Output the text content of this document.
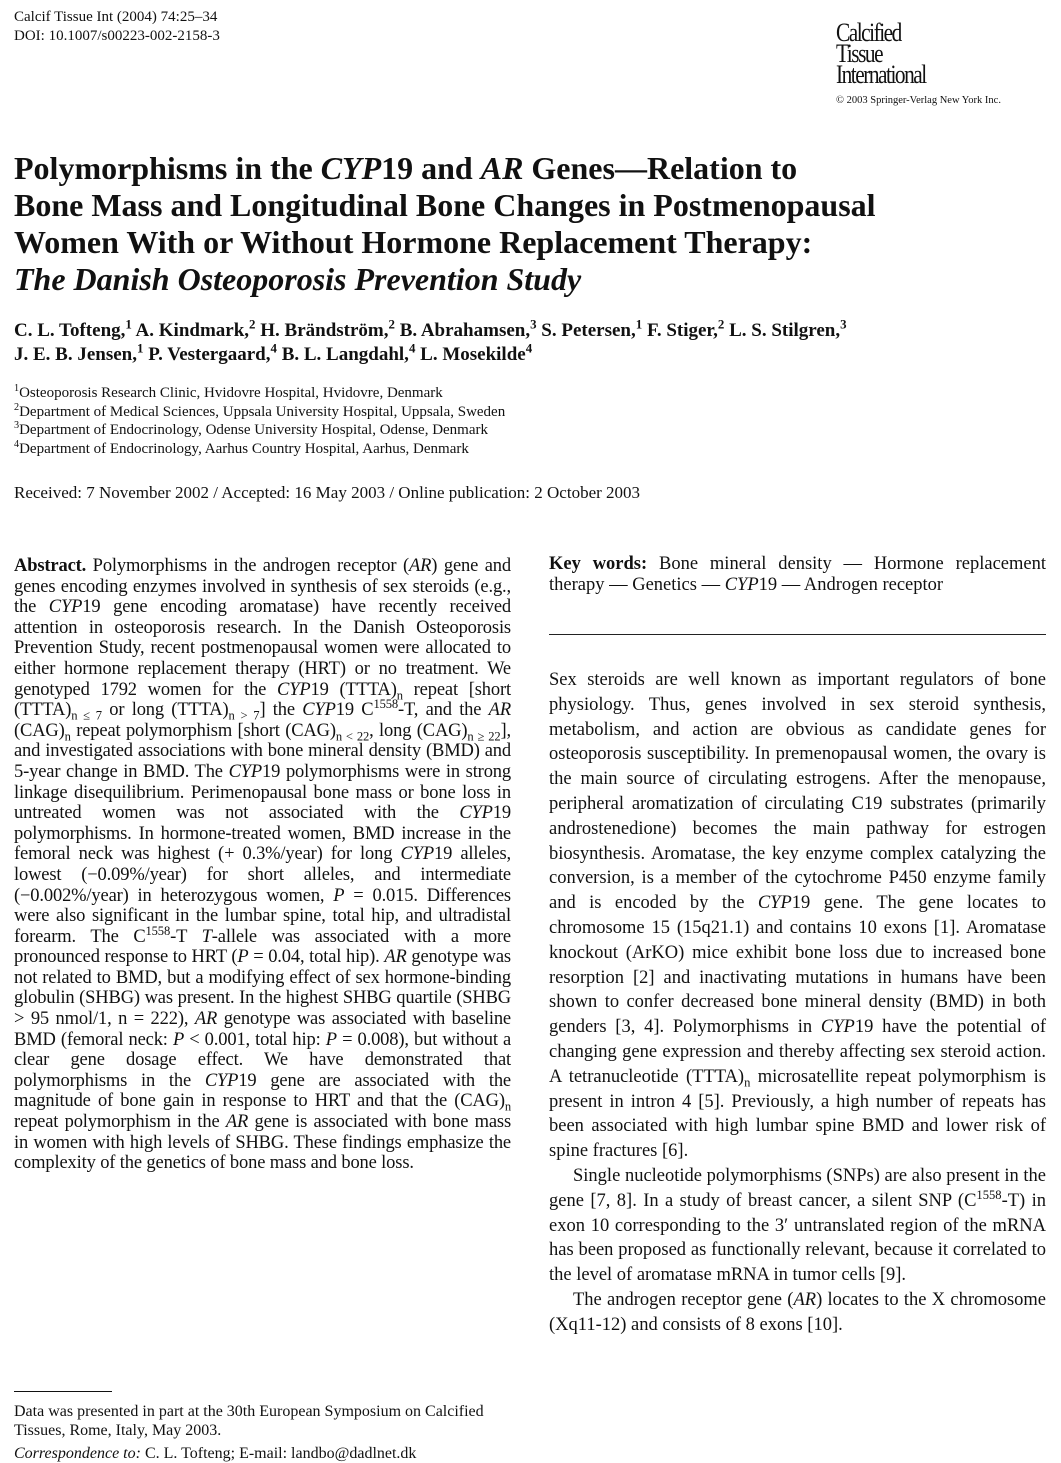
Calcif Tissue Int (2004) 74:25–34
DOI: 10.1007/s00223-002-2158-3	Calcified
Tissue
International
© 2003 Springer-Verlag New York Inc.
Polymorphisms in the CYP19 and AR Genes—Relation to
Bone Mass and Longitudinal Bone Changes in Postmenopausal
Women With or Without Hormone Replacement Therapy:
The Danish Osteoporosis Prevention Study
C. L. Tofteng,$^1$ A. Kindmark,$^2$ H. Brändström,$^2$ B. Abrahamsen,$^3$ S. Petersen,$^1$ F. Stiger,$^2$ L. S. Stilgren,$^3$
J. E. B. Jensen,$^1$ P. Vestergaard,$^4$ B. L. Langdahl,$^4$ L. Mosekilde$^4$
$^1$Osteoporosis Research Clinic, Hvidovre Hospital, Hvidovre, Denmark
$^2$Department of Medical Sciences, Uppsala University Hospital, Uppsala, Sweden
$^3$Department of Endocrinology, Odense University Hospital, Odense, Denmark
$^4$Department of Endocrinology, Aarhus Country Hospital, Aarhus, Denmark
Received: 7 November 2002 / Accepted: 16 May 2003 / Online publication: 2 October 2003
Abstract. Polymorphisms in the androgen receptor (AR) gene and genes encoding enzymes involved in synthesis of sex steroids (e.g., the CYP19 gene encoding aromatase) have recently received attention in osteoporosis research. In the Danish Osteoporosis Prevention Study, recent postmenopausal women were allocated to either hormone replacement therapy (HRT) or no treatment. We genotyped 1792 women for the CYP19 $(TTTA)_n$ repeat [short $(TTTA)_{n \le 7}$ or long $(TTTA)_{n > 7}$] the CYP19 $C^{1558}-T$, and the AR $(CAG)_n$ repeat polymorphism [short $(CAG)_{n < 22}$, long $(CAG)_{n \ge 22}$], and investigated associations with bone mineral density (BMD) and 5-year change in BMD. The CYP19 polymorphisms were in strong linkage disequilibrium. Perimenopausal bone mass or bone loss in untreated women was not associated with the CYP19 polymorphisms. In hormone-treated women, BMD increase in the femoral neck was highest (+ 0.3%/year) for long CYP19 alleles, lowest (−0.09%/year) for short alleles, and intermediate (−0.002%/year) in heterozygous women, P = 0.015. Differences were also significant in the lumbar spine, total hip, and ultradistal forearm. The $C^{1558}-T$ T-allele was associated with a more pronounced response to HRT (P = 0.04, total hip). AR genotype was not related to BMD, but a modifying effect of sex hormone-binding globulin (SHBG) was present. In the highest SHBG quartile (SHBG > 95 nmol/1, n = 222), AR genotype was associated with baseline BMD (femoral neck: P < 0.001, total hip: P = 0.008), but without a clear gene dosage effect. We have demonstrated that polymorphisms in the CYP19 gene are associated with the magnitude of bone gain in response to HRT and that the $(CAG)_n$ repeat polymorphism in the AR gene is associated with bone mass in women with high levels of SHBG. These findings emphasize the complexity of the genetics of bone mass and bone loss.
Data was presented in part at the 30th European Symposium on Calcified Tissues, Rome, Italy, May 2003.
Correspondence to: C. L. Tofteng; E-mail: landbo@dadlnet.dk
Key words: Bone mineral density — Hormone replacement therapy — Genetics — CYP19 — Androgen receptor

Sex steroids are well known as important regulators of bone physiology. Thus, genes involved in sex steroid synthesis, metabolism, and action are obvious as candidate genes for osteoporosis susceptibility. In premenopausal women, the ovary is the main source of circulating estrogens. After the menopause, peripheral aromatization of circulating C19 substrates (primarily androstenedione) becomes the main pathway for estrogen biosynthesis. Aromatase, the key enzyme complex catalyzing the conversion, is a member of the cytochrome P450 enzyme family and is encoded by the CYP19 gene. The gene locates to chromosome 15 (15q21.1) and contains 10 exons [1]. Aromatase knockout (ArKO) mice exhibit bone loss due to increased bone resorption [2] and inactivating mutations in humans have been shown to confer decreased bone mineral density (BMD) in both genders [3, 4]. Polymorphisms in CYP19 have the potential of changing gene expression and thereby affecting sex steroid action. A tetranucleotide $(TTTA)_n$ microsatellite repeat polymorphism is present in intron 4 [5]. Previously, a high number of repeats has been associated with high lumbar spine BMD and lower risk of spine fractures [6].

Single nucleotide polymorphisms (SNPs) are also present in the gene [7, 8]. In a study of breast cancer, a silent SNP $(C^{1558}-T)$ in exon 10 corresponding to the 3′ untranslated region of the mRNA has been proposed as functionally relevant, because it correlated to the level of aromatase mRNA in tumor cells [9].

The androgen receptor gene (AR) locates to the X chromosome (Xq11-12) and consists of 8 exons [10].
